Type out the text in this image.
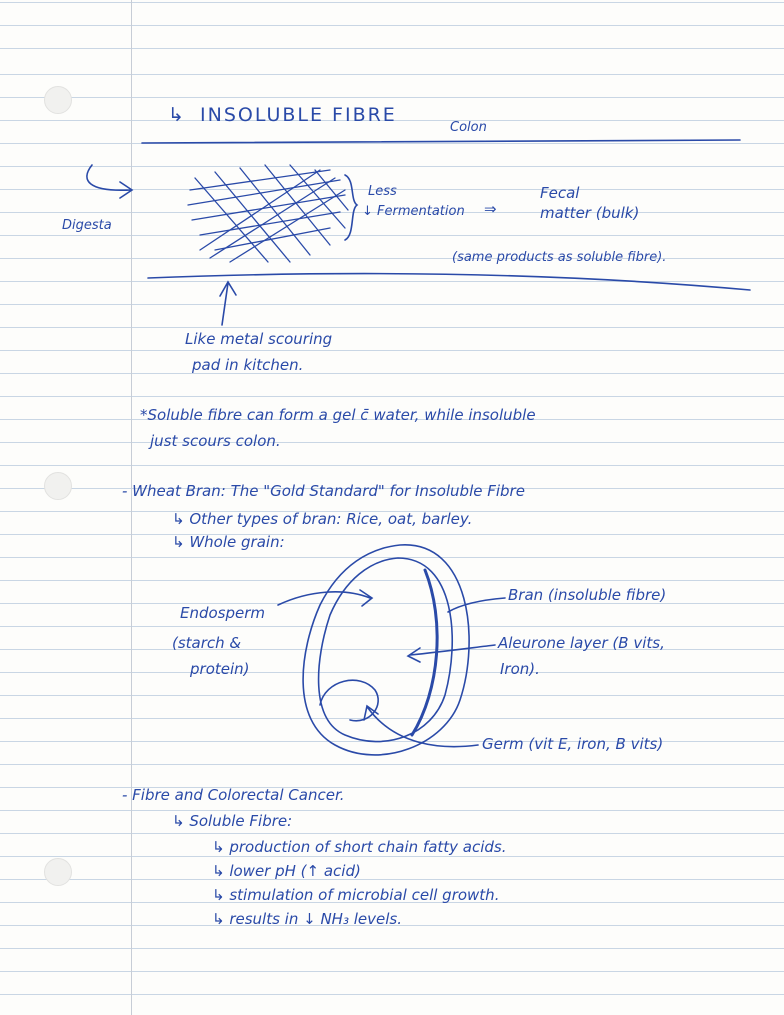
↳ INSOLUBLE FIBRE
Colon
Digesta
Less
↓ Fermentation
Fecal
⇒	matter (bulk)
(same products as soluble fibre).
Like metal scouring
pad in kitchen.
*Soluble fibre can form a gel c̄ water, while insoluble
just scours colon.
- Wheat Bran: The "Gold Standard" for Insoluble Fibre
↳ Other types of bran: Rice, oat, barley.
↳ Whole grain:
Endosperm
(starch &
protein)
Bran (insoluble fibre)
Aleurone layer (B vits,
Iron).
Germ (vit E, iron, B vits)
- Fibre and Colorectal Cancer.
↳ Soluble Fibre:
↳ production of short chain fatty acids.
↳ lower pH (↑ acid)
↳ stimulation of microbial cell growth.
↳ results in ↓ NH₃ levels.
